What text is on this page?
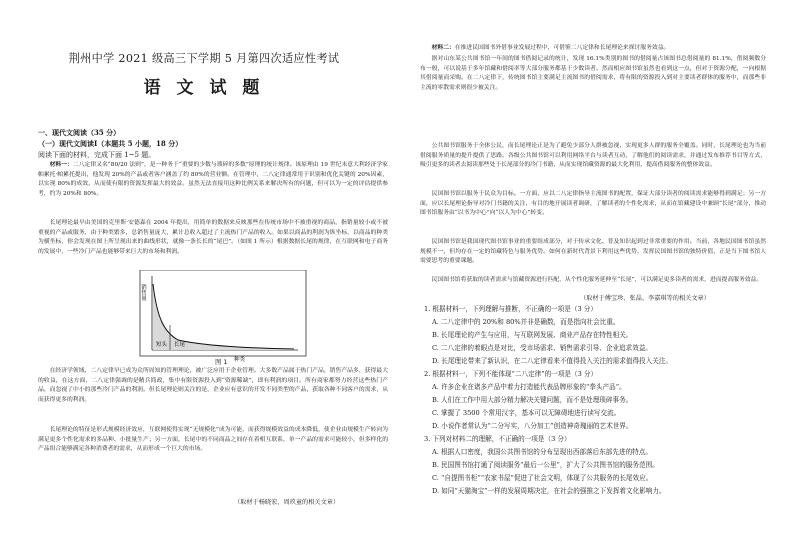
荆州中学 2021 级高三下学期 5 月第四次适应性考试
语 文 试 题
一、现代文阅读（35 分）
（一）现代文阅读Ⅰ（本题共 5 小题，18 分）
阅读下面的材料，完成下面 1~5 题。
材料一：二八定律又名“80/20 法则”，是一种务于“重要的少数与琐碎的多数”原理的统计规律。该原理由 19 世纪末意大利经济学家帕累托·帕累托提出，他发现 20%的产品或者客户涵盖了约 80%的营业额。在管理中，二八定律通常用于识别和优化关键的 20%因素，以实现 80%的成效，从而使有限的资源发挥最大的效益。虽然无法直接用这种比例关系来解决所有的问题，但可以为一定的评估提供参考，约为 20%和 80%。
长尾理论最早由美国的克里斯·安德森在 2004 年提出，用简单的数据来反映那些在传统市场中不被重视的商品，指销量较小或不被重视的产品或服务，由于种类繁多，总销售量庞大，累计总收入超过了主流热门产品的收入。如果以商品的利润为纵坐标，以商品的种类为横坐标，你会发现在图上所呈现出来的曲线形状，就像一条长长的“尾巴”。（如图 1 所示）根据数据长尾的规律，在互联网和电子商务的发展中，一些冷门产品也能够带来巨大的市场和利润。
销售量
短头 长尾
种类
图 1
在经济学领域，二八定律早已成为众所周知的管理理论，被广泛应用于企业管理。大多数产品属于热门产品，销售产品多，获得最大的收益，在这方面，二八定律强调的是精兵简政，集中有限资源投入到“资源稀缺”，即有利润的项目。所有商家都努力经营这些热门产品，而忽视了中小的那些冷门产品的利润。但长尾理论则关注的是，企业应有意识的开发不同类型的产品，获取各种不同客户的需求，从而获得更多的利润。
长尾理论的特征是形式规模经济效应，互联网使得实现“无规模化”成为可能，而获得规模效益的成本降低，使企业由规模生产转向为满足更多个性化需求的多品种、小批量生产；另一方面，长尾中的不同商品之间存在着相互联系，单一产品的需求可能较小，但多样化的产品组合能够满足各种消费者的需求，从而形成一个巨大的市场。
（取材于杨晓宏、周玖童的相关文章）
材料二：在推进民国图书外借事业发展过程中，可借鉴二八定律和长尾理论来探讨服务效益。
据对山东某公共图书馆一年间的图书借阅记录的统计，发现 16.1%类别的图书的借阅量占该图书总借阅量的 81.1%，借阅频数分布一般，可以说基于多年馆藏和借阅率等大部分服务都基于少数读者。然而相应图书馆虽然也看到这一点，但对于资源分配，一向根据其借阅量而采购。在二八定律下，传统图书馆主要满足主流图书的借阅需求，将有限的资源投入到对主要读者群体的服务中，而那些非主流的零散需求则很少被关注。
公共图书馆服务于全体公民，而长尾理论正是为了避免少部分人群被忽视，实现更多人群的服务全覆盖。同时，长尾理论也为当前借阅服务质量的提升提供了思路。各级公共图书馆可以利用网络平台与读者互动，了解他们的阅读需求，并通过发布推荐书目等方式，吸引更多的读者去阅读那些处于长尾部分的冷门书籍，从而实现馆藏资源的最大化利用，提高借阅服务的整体效益。
民国图书馆以服务于民众为目标。一方面，应以二八定律指导主流图书的配置，保证大部分读者的阅读需求能够得到满足；另一方面，应以长尾理论指导对冷门书籍的关注，有目的地开展读者调研，了解读者的个性化需求，从而在馆藏建设中兼顾“长尾”部分，推动图书馆服务由“以书为中心”向“以人为中心”转变。
民国图书馆是我国现代图书馆事业的重要组成部分，对于传承文化、普及知识起到过非常重要的作用。当前，各地民国图书馆虽然规模不一，但均存在一定的馆藏特色与服务优势。如何在新时代背景下利用这些优势，发挥民国图书馆的独特价值，正是当下图书馆人需要思考的重要课题。
民国图书馆将获取的读者需求与馆藏资源进行匹配，从个性化服务延伸至“长尾”，可以满足更多读者的需求，进而提高服务效益。
（取材于傅宝珍、张晶、李嘉琪等的相关文章）
1. 根据材料一，下列理解与推断，不正确的一项是（3 分）
A. 二八定律中的 20%和 80%并非是确数，而是指向社会比重。
B. 长尾理论的产生与应用，与互联网发展、商业产品存在特性相关。
C. 二八定律的着眼点是对比，受市场需求、销售需求引导、企业追求效益。
D. 长尾理论带来了新认识，在二八定律看来不值得投入关注的需求值得投入关注。
2. 根据材料一，下列不能体现“二八定律”的一项是（3 分）
A. 许多企业在诸多产品中着力打造能代表品牌形象的“拳头产品”。
B. 人们在工作中用大部分精力解决关键问题，而不是处理琐碎事务。
C. 掌握了 3500 个常用汉字，基本可以无障碍地进行读写交流。
D. 小说作者常认为“二分写实，八分加工”创造神奇瑰丽的艺术世界。
3. 下列对材料二的理解，不正确的一项是（3 分）
A. 根据人口密度，我国公共图书馆的分布呈现出西部落后东部先进的特点。
B. 民国图书馆打通了阅读服务“最后一公里”，扩大了公共图书馆的服务范围。
C. “自提图书柜”“农家书屋”促进了社会文明，体现了公共服务的长尾效应。
D. 如同“天猫淘宝”一样的发展周期决定，在社会的强推之下发挥着文化影响力。
